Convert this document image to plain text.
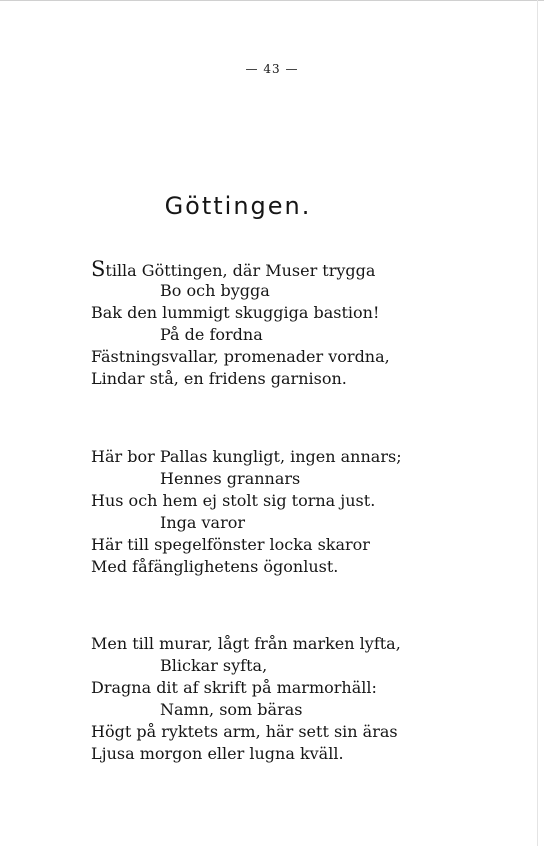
— 43 —
Göttingen.
Stilla Göttingen, där Muser trygga
Bo och bygga
Bak den lummigt skuggiga bastion!
På de fordna
Fästningsvallar, promenader vordna,
Lindar stå, en fridens garnison.
Här bor Pallas kungligt, ingen annars;
Hennes grannars
Hus och hem ej stolt sig torna just.
Inga varor
Här till spegelfönster locka skaror
Med fåfänglighetens ögonlust.
Men till murar, lågt från marken lyfta,
Blickar syfta,
Dragna dit af skrift på marmorhäll:
Namn, som bäras
Högt på ryktets arm, här sett sin äras
Ljusa morgon eller lugna kväll.
